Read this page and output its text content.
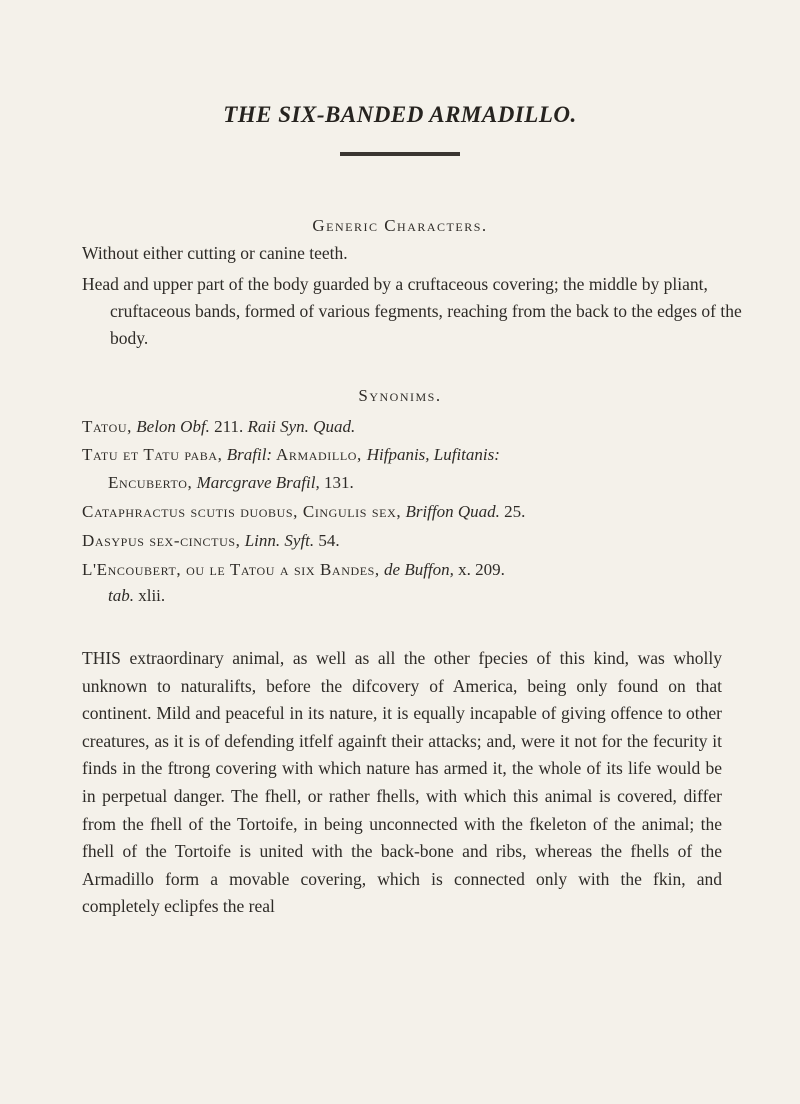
THE SIX-BANDED ARMADILLO.
Generic Characters.
Without either cutting or canine teeth.
Head and upper part of the body guarded by a cruftaceous covering; the middle by pliant, cruftaceous bands, formed of various fegments, reaching from the back to the edges of the body.
Synonims.
Tatou, Belon Obf. 211. Raii Syn. Quad.
Tatu et Tatu paba, Brafil: Armadillo, Hifpanis, Lufitanis:
Encuberto, Marcgrave Brafil, 131.
Cataphractus scutis duobus, Cingulis sex, Briffon Quad. 25.
Dasypus sex-cinctus, Linn. Syft. 54.
L'Encoubert, ou le Tatou a six Bandes, de Buffon, x. 209.
tab. xlii.
THIS extraordinary animal, as well as all the other fpecies of this kind, was wholly unknown to naturalifts, before the difcovery of America, being only found on that continent. Mild and peaceful in its nature, it is equally incapable of giving offence to other creatures, as it is of defending itfelf againft their attacks; and, were it not for the fecurity it finds in the ftrong covering with which nature has armed it, the whole of its life would be in perpetual danger. The fhell, or rather fhells, with which this animal is covered, differ from the fhell of the Tortoife, in being unconnected with the fkeleton of the animal; the fhell of the Tortoife is united with the back-bone and ribs, whereas the fhells of the Armadillo form a movable covering, which is connected only with the fkin, and completely eclipfes the real
